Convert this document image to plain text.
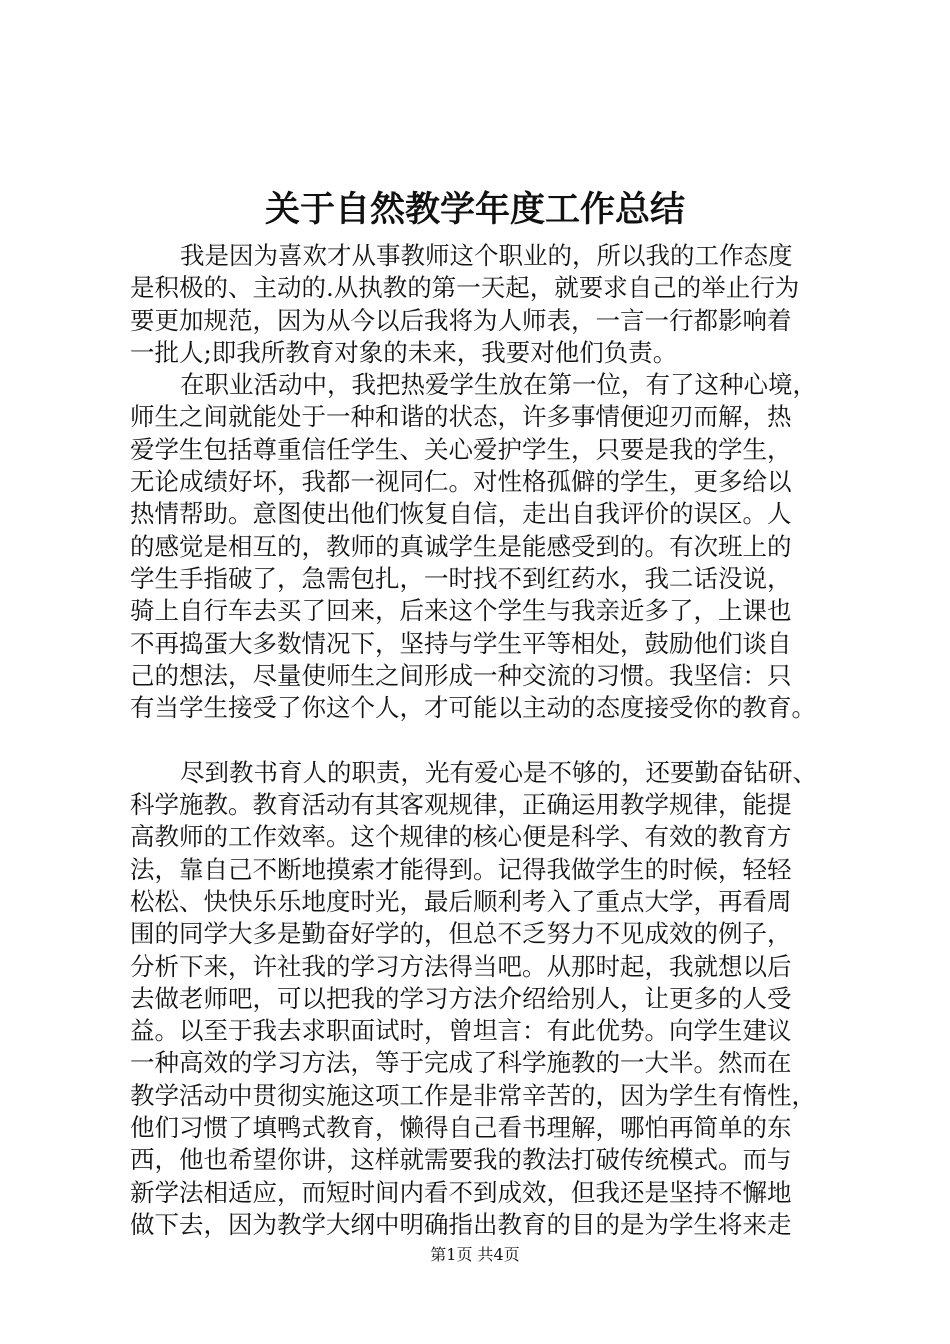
关于自然教学年度工作总结
我是因为喜欢才从事教师这个职业的，所以我的工作态度
是积极的、主动的.从执教的第一天起，就要求自己的举止行为
要更加规范，因为从今以后我将为人师表，一言一行都影响着
一批人;即我所教育对象的未来，我要对他们负责。
在职业活动中，我把热爱学生放在第一位，有了这种心境，
师生之间就能处于一种和谐的状态，许多事情便迎刃而解，热
爱学生包括尊重信任学生、关心爱护学生，只要是我的学生，
无论成绩好坏，我都一视同仁。对性格孤僻的学生，更多给以
热情帮助。意图使出他们恢复自信，走出自我评价的误区。人
的感觉是相互的，教师的真诚学生是能感受到的。有次班上的
学生手指破了，急需包扎，一时找不到红药水，我二话没说，
骑上自行车去买了回来，后来这个学生与我亲近多了，上课也
不再捣蛋大多数情况下，坚持与学生平等相处，鼓励他们谈自
己的想法，尽量使师生之间形成一种交流的习惯。我坚信：只
有当学生接受了你这个人，才可能以主动的态度接受你的教育。
尽到教书育人的职责，光有爱心是不够的，还要勤奋钻研、
科学施教。教育活动有其客观规律，正确运用教学规律，能提
高教师的工作效率。这个规律的核心便是科学、有效的教育方
法，靠自己不断地摸索才能得到。记得我做学生的时候，轻轻
松松、快快乐乐地度时光，最后顺利考入了重点大学，再看周
围的同学大多是勤奋好学的，但总不乏努力不见成效的例子，
分析下来，许社我的学习方法得当吧。从那时起，我就想以后
去做老师吧，可以把我的学习方法介绍给别人，让更多的人受
益。以至于我去求职面试时，曾坦言：有此优势。向学生建议
一种高效的学习方法，等于完成了科学施教的一大半。然而在
教学活动中贯彻实施这项工作是非常辛苦的，因为学生有惰性，
他们习惯了填鸭式教育，懒得自己看书理解，哪怕再简单的东
西，他也希望你讲，这样就需要我的教法打破传统模式。而与
新学法相适应，而短时间内看不到成效，但我还是坚持不懈地
做下去，因为教学大纲中明确指出教育的目的是为学生将来走
第1页 共4页
